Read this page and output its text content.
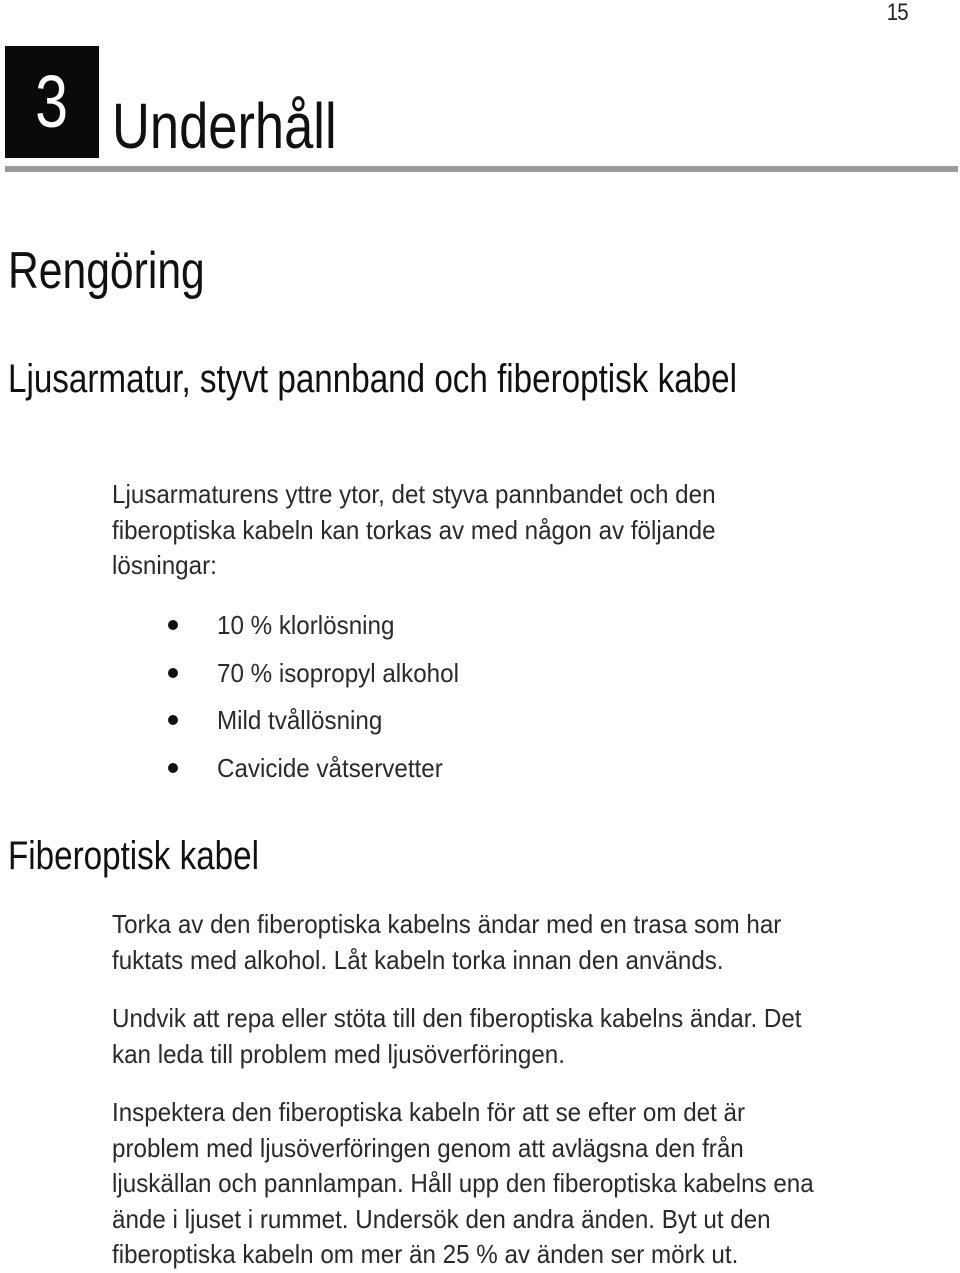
15
3 Underhåll
Rengöring
Ljusarmatur, styvt pannband och fiberoptisk kabel
Ljusarmaturens yttre ytor, det styva pannbandet och den
fiberoptiska kabeln kan torkas av med någon av följande
lösningar:
10 % klorlösning
70 % isopropyl alkohol
Mild tvållösning
Cavicide våtservetter
Fiberoptisk kabel
Torka av den fiberoptiska kabelns ändar med en trasa som har
fuktats med alkohol. Låt kabeln torka innan den används.
Undvik att repa eller stöta till den fiberoptiska kabelns ändar. Det
kan leda till problem med ljusöverföringen.
Inspektera den fiberoptiska kabeln för att se efter om det är
problem med ljusöverföringen genom att avlägsna den från
ljuskällan och pannlampan. Håll upp den fiberoptiska kabelns ena
ände i ljuset i rummet. Undersök den andra änden. Byt ut den
fiberoptiska kabeln om mer än 25 % av änden ser mörk ut.
